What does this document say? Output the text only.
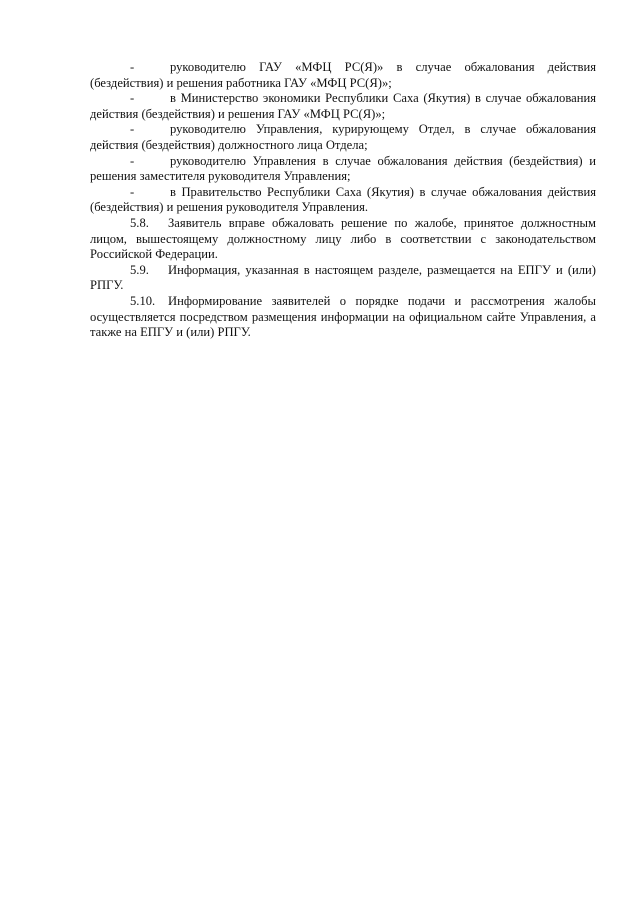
-	руководителю ГАУ «МФЦ РС(Я)» в случае обжалования действия (бездействия) и решения работника ГАУ «МФЦ РС(Я)»;

-	в Министерство экономики Республики Саха (Якутия) в случае обжалования действия (бездействия) и решения ГАУ «МФЦ РС(Я)»;

-	руководителю Управления, курирующему Отдел, в случае обжалования действия (бездействия) должностного лица Отдела;

-	руководителю Управления в случае обжалования действия (бездействия) и решения заместителя руководителя Управления;

-	в Правительство Республики Саха (Якутия) в случае обжалования действия (бездействия) и решения руководителя Управления.

5.8. Заявитель вправе обжаловать решение по жалобе, принятое должностным лицом, вышестоящему должностному лицу либо в соответствии с законодательством Российской Федерации.

5.9. Информация, указанная в настоящем разделе, размещается на ЕПГУ и (или) РПГУ.

5.10. Информирование заявителей о порядке подачи и рассмотрения жалобы осуществляется посредством размещения информации на официальном сайте Управления, а также на ЕПГУ и (или) РПГУ.
